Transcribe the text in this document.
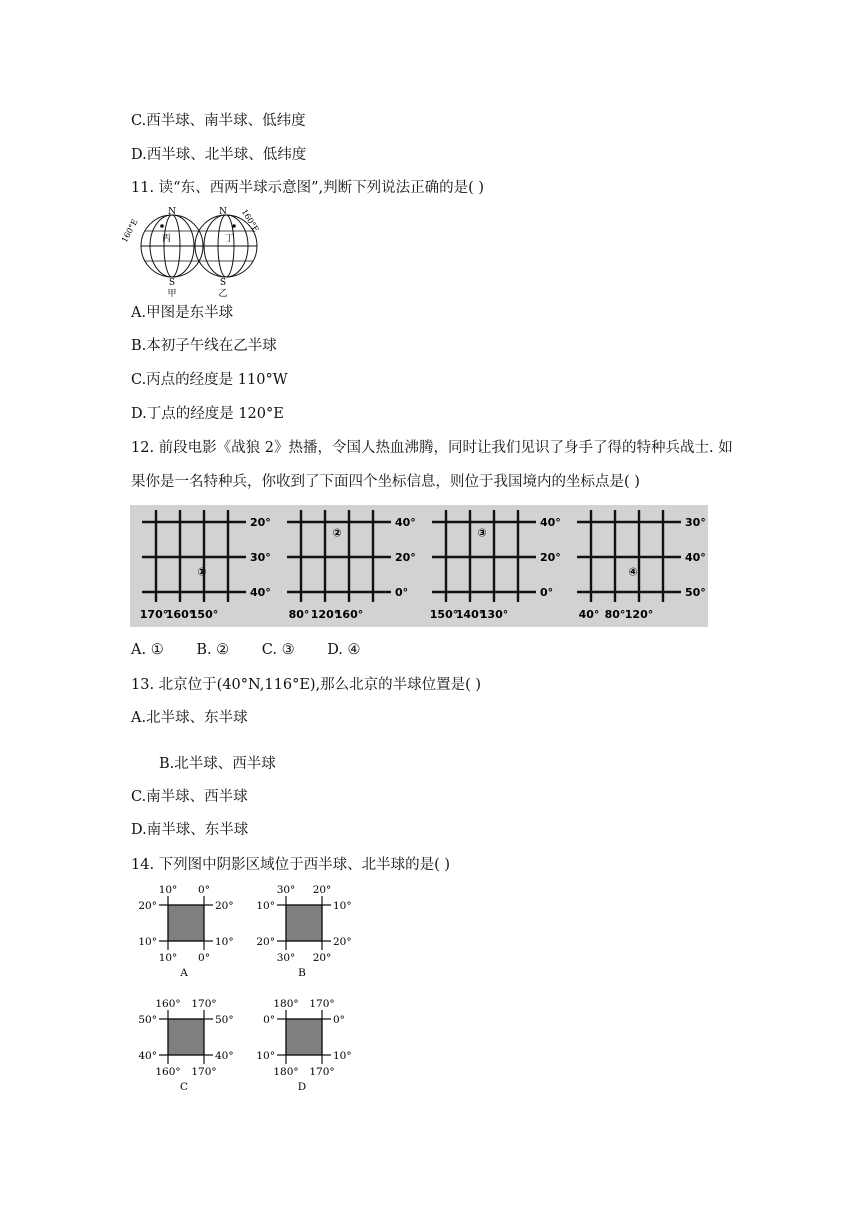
C.西半球、南半球、低纬度
D.西半球、北半球、低纬度
11. 读“东、西两半球示意图”,判断下列说法正确的是( )
N
S
160°E 丙
甲
N
S
160°E
丁
乙
A.甲图是东半球
B.本初子午线在乙半球
C.丙点的经度是 110°W
D.丁点的经度是 120°E
12. 前段电影《战狼 2》热播，令国人热血沸腾，同时让我们见识了身手了得的特种兵战士. 如
果你是一名特种兵，你收到了下面四个坐标信息，则位于我国境内的坐标点是( )
20°
30°
40°
170°
160°
150°
①
40°
20°
0°
80° 120°
160°
②
40°
20°
0°
150°
140°
130°
③
30°
40°
50°
40° 80° 120°
④
A. ① B. ② C. ③ D. ④
13. 北京位于(40°N,116°E),那么北京的半球位置是( )
A.北半球、东半球
B.北半球、西半球
C.南半球、西半球
D.南半球、东半球
14. 下列图中阴影区域位于西半球、北半球的是( )
10° 0°
10° 0°
20°
10°
20°
10°
A
30° 20°
30° 20°
10°
20°
10°
20°
B
160° 170°
160° 170°
50°
40°
50°
40°
C
180° 170°
180° 170°
0°
10°
0°
10°
D
